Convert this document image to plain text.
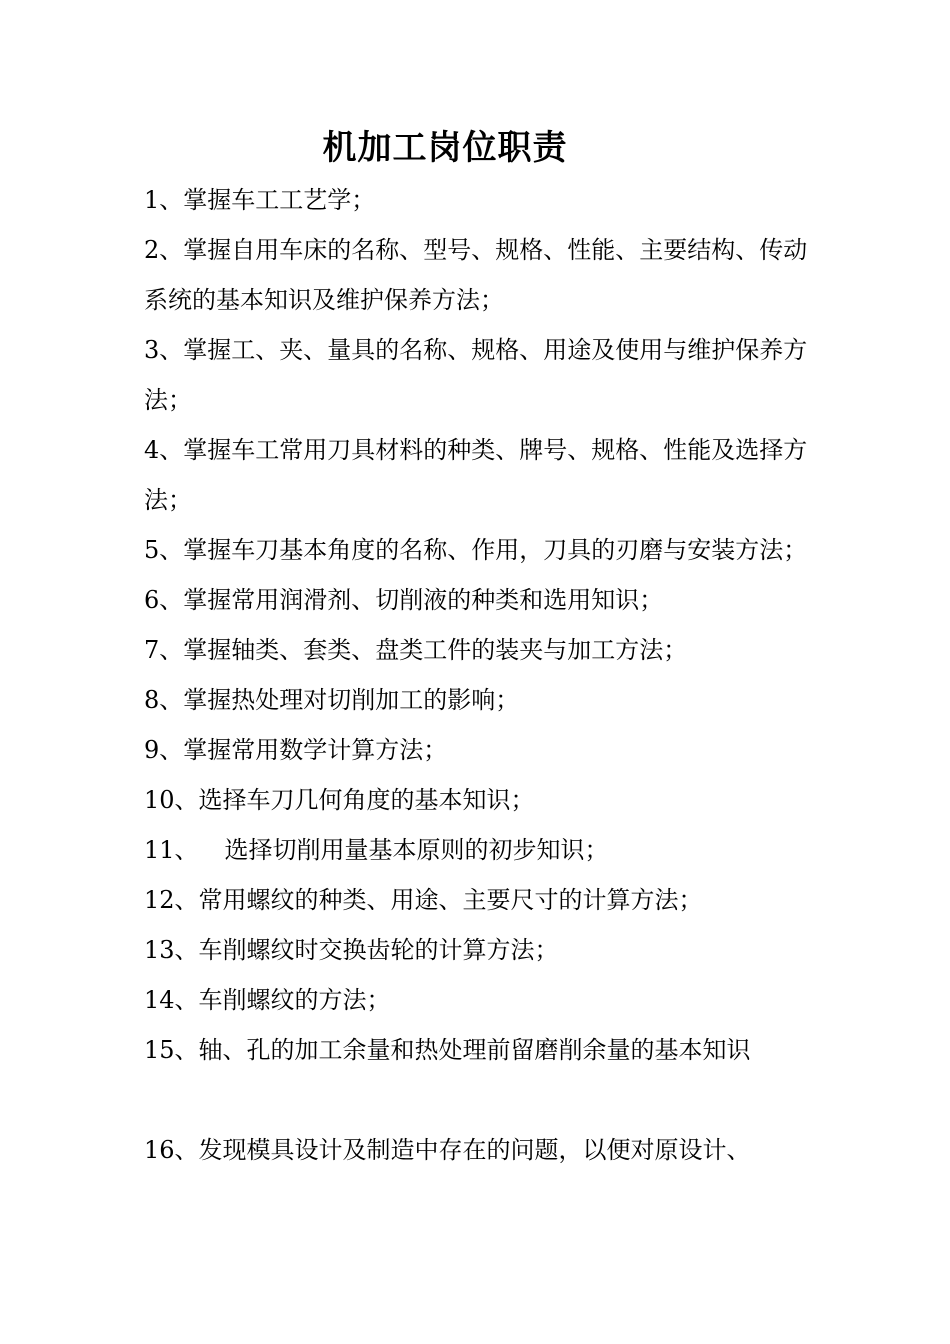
机加工岗位职责

1、掌握车工工艺学；

2、掌握自用车床的名称、型号、规格、性能、主要结构、传动系统的基本知识及维护保养方法；

3、掌握工、夹、量具的名称、规格、用途及使用与维护保养方法；

4、掌握车工常用刀具材料的种类、牌号、规格、性能及选择方法；

5、掌握车刀基本角度的名称、作用，刀具的刃磨与安装方法；

6、掌握常用润滑剂、切削液的种类和选用知识；

7、掌握轴类、套类、盘类工件的装夹与加工方法；

8、掌握热处理对切削加工的影响；

9、掌握常用数学计算方法；

10、选择车刀几何角度的基本知识；

11、 选择切削用量基本原则的初步知识；

12、常用螺纹的种类、用途、主要尺寸的计算方法；

13、车削螺纹时交换齿轮的计算方法；

14、车削螺纹的方法；

15、轴、孔的加工余量和热处理前留磨削余量的基本知识

16、发现模具设计及制造中存在的问题，以便对原设计、
